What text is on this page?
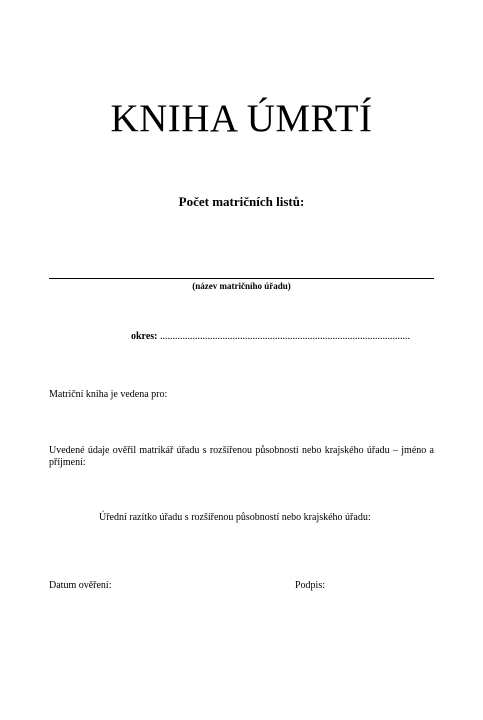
KNIHA ÚMRTÍ
Počet matričních listů:
(název matričního úřadu)
okres: ....................................................................................................
Matriční kniha je vedena pro:
Uvedené údaje ověřil matrikář úřadu s rozšířenou působností nebo krajského úřadu – jméno a příjmení:
Úřední razítko úřadu s rozšířenou působností nebo krajského úřadu:
Datum ověření:	Podpis:
